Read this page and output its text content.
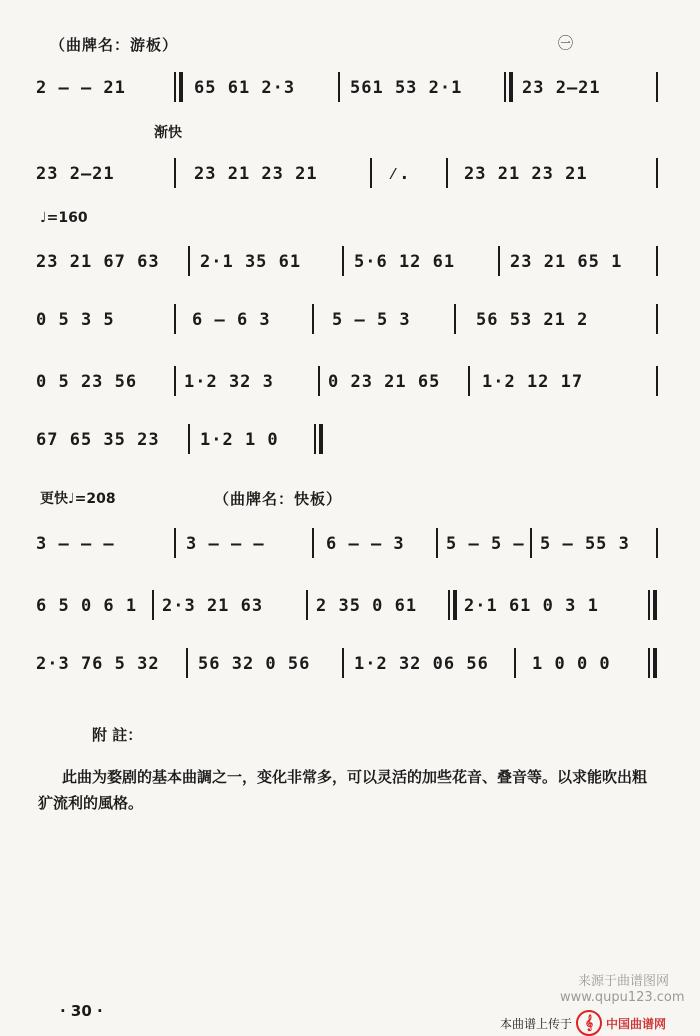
（曲牌名：游板）	㊀
2 — — 21	65 61 2·3	561 53 2·1	23 2—21
渐快
23 2—21	23 21 23 21	⁄.	23 21 23 21
♩=160
23 21 67 63 2·1 35 61	5·6 12 61	23 21 65 1
0 5 3 5	6 — 6 3	5 — 5 3	56 53 21 2
0 5 23 56	1·2 32 3	0 23 21 65 1·2 12 17
67 65 35 23 1·2 1 0
更快♩=208	（曲牌名：快板）
3 — — —	3 — — —	6 — — 3 5 — 5 — 5 — 55 3
6 5 0 6 1 2·3 21 63	2 35 0 61	2·1 61 0 3 1
2·3 76 5 32 56 32 0 56	1·2 32 06 56	1 0 0 0
附 註：
此曲为婺剧的基本曲調之一，变化非常多，可以灵活的加些花音、叠音等。以求能吹出粗犷流利的風格。
· 30 ·
来源于曲谱图网
www.qupu123.com
本曲谱上传于 𝄞	中国曲谱网
